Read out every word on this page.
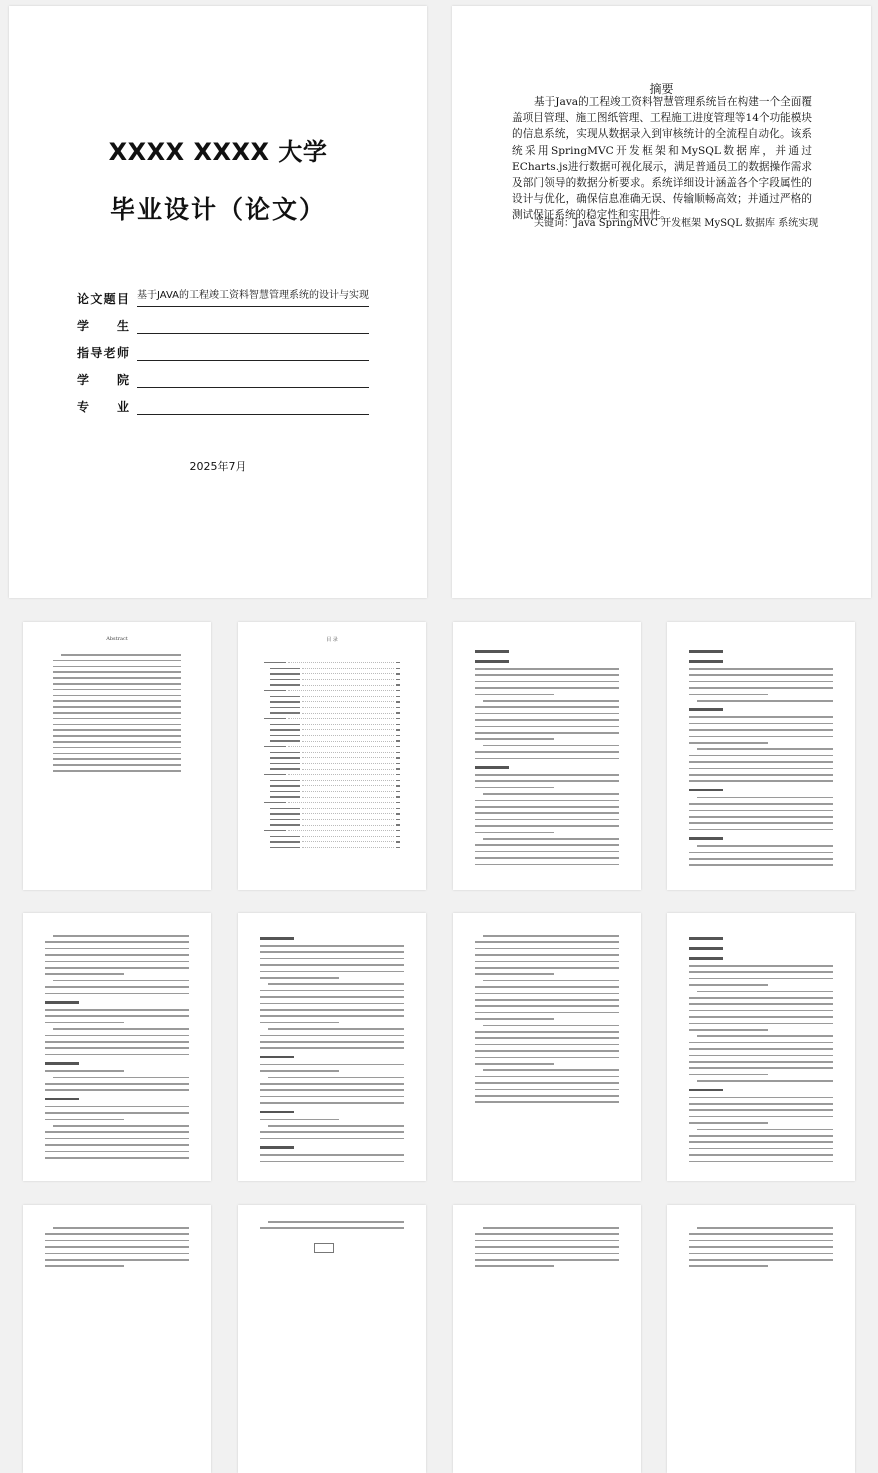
XXXX XXXX 大学
毕业设计（论文）
论文题目 基于JAVA的工程竣工资料智慧管理系统的设计与实现
学生
指导老师
学院
专业
2025年7月
摘要
基于Java的工程竣工资料智慧管理系统旨在构建一个全面覆盖项目管理、施工图纸管理、工程施工进度管理等14个功能模块的信息系统，实现从数据录入到审核统计的全流程自动化。该系统采用SpringMVC开发框架和MySQL数据库，并通过ECharts.js进行数据可视化展示，满足普通员工的数据操作需求及部门领导的数据分析要求。系统详细设计涵盖各个字段属性的设计与优化，确保信息准确无误、传输顺畅高效；并通过严格的测试保证系统的稳定性和实用性。
关键词：Java SpringMVC 开发框架 MySQL 数据库 系统实现
Abstract	目 录
